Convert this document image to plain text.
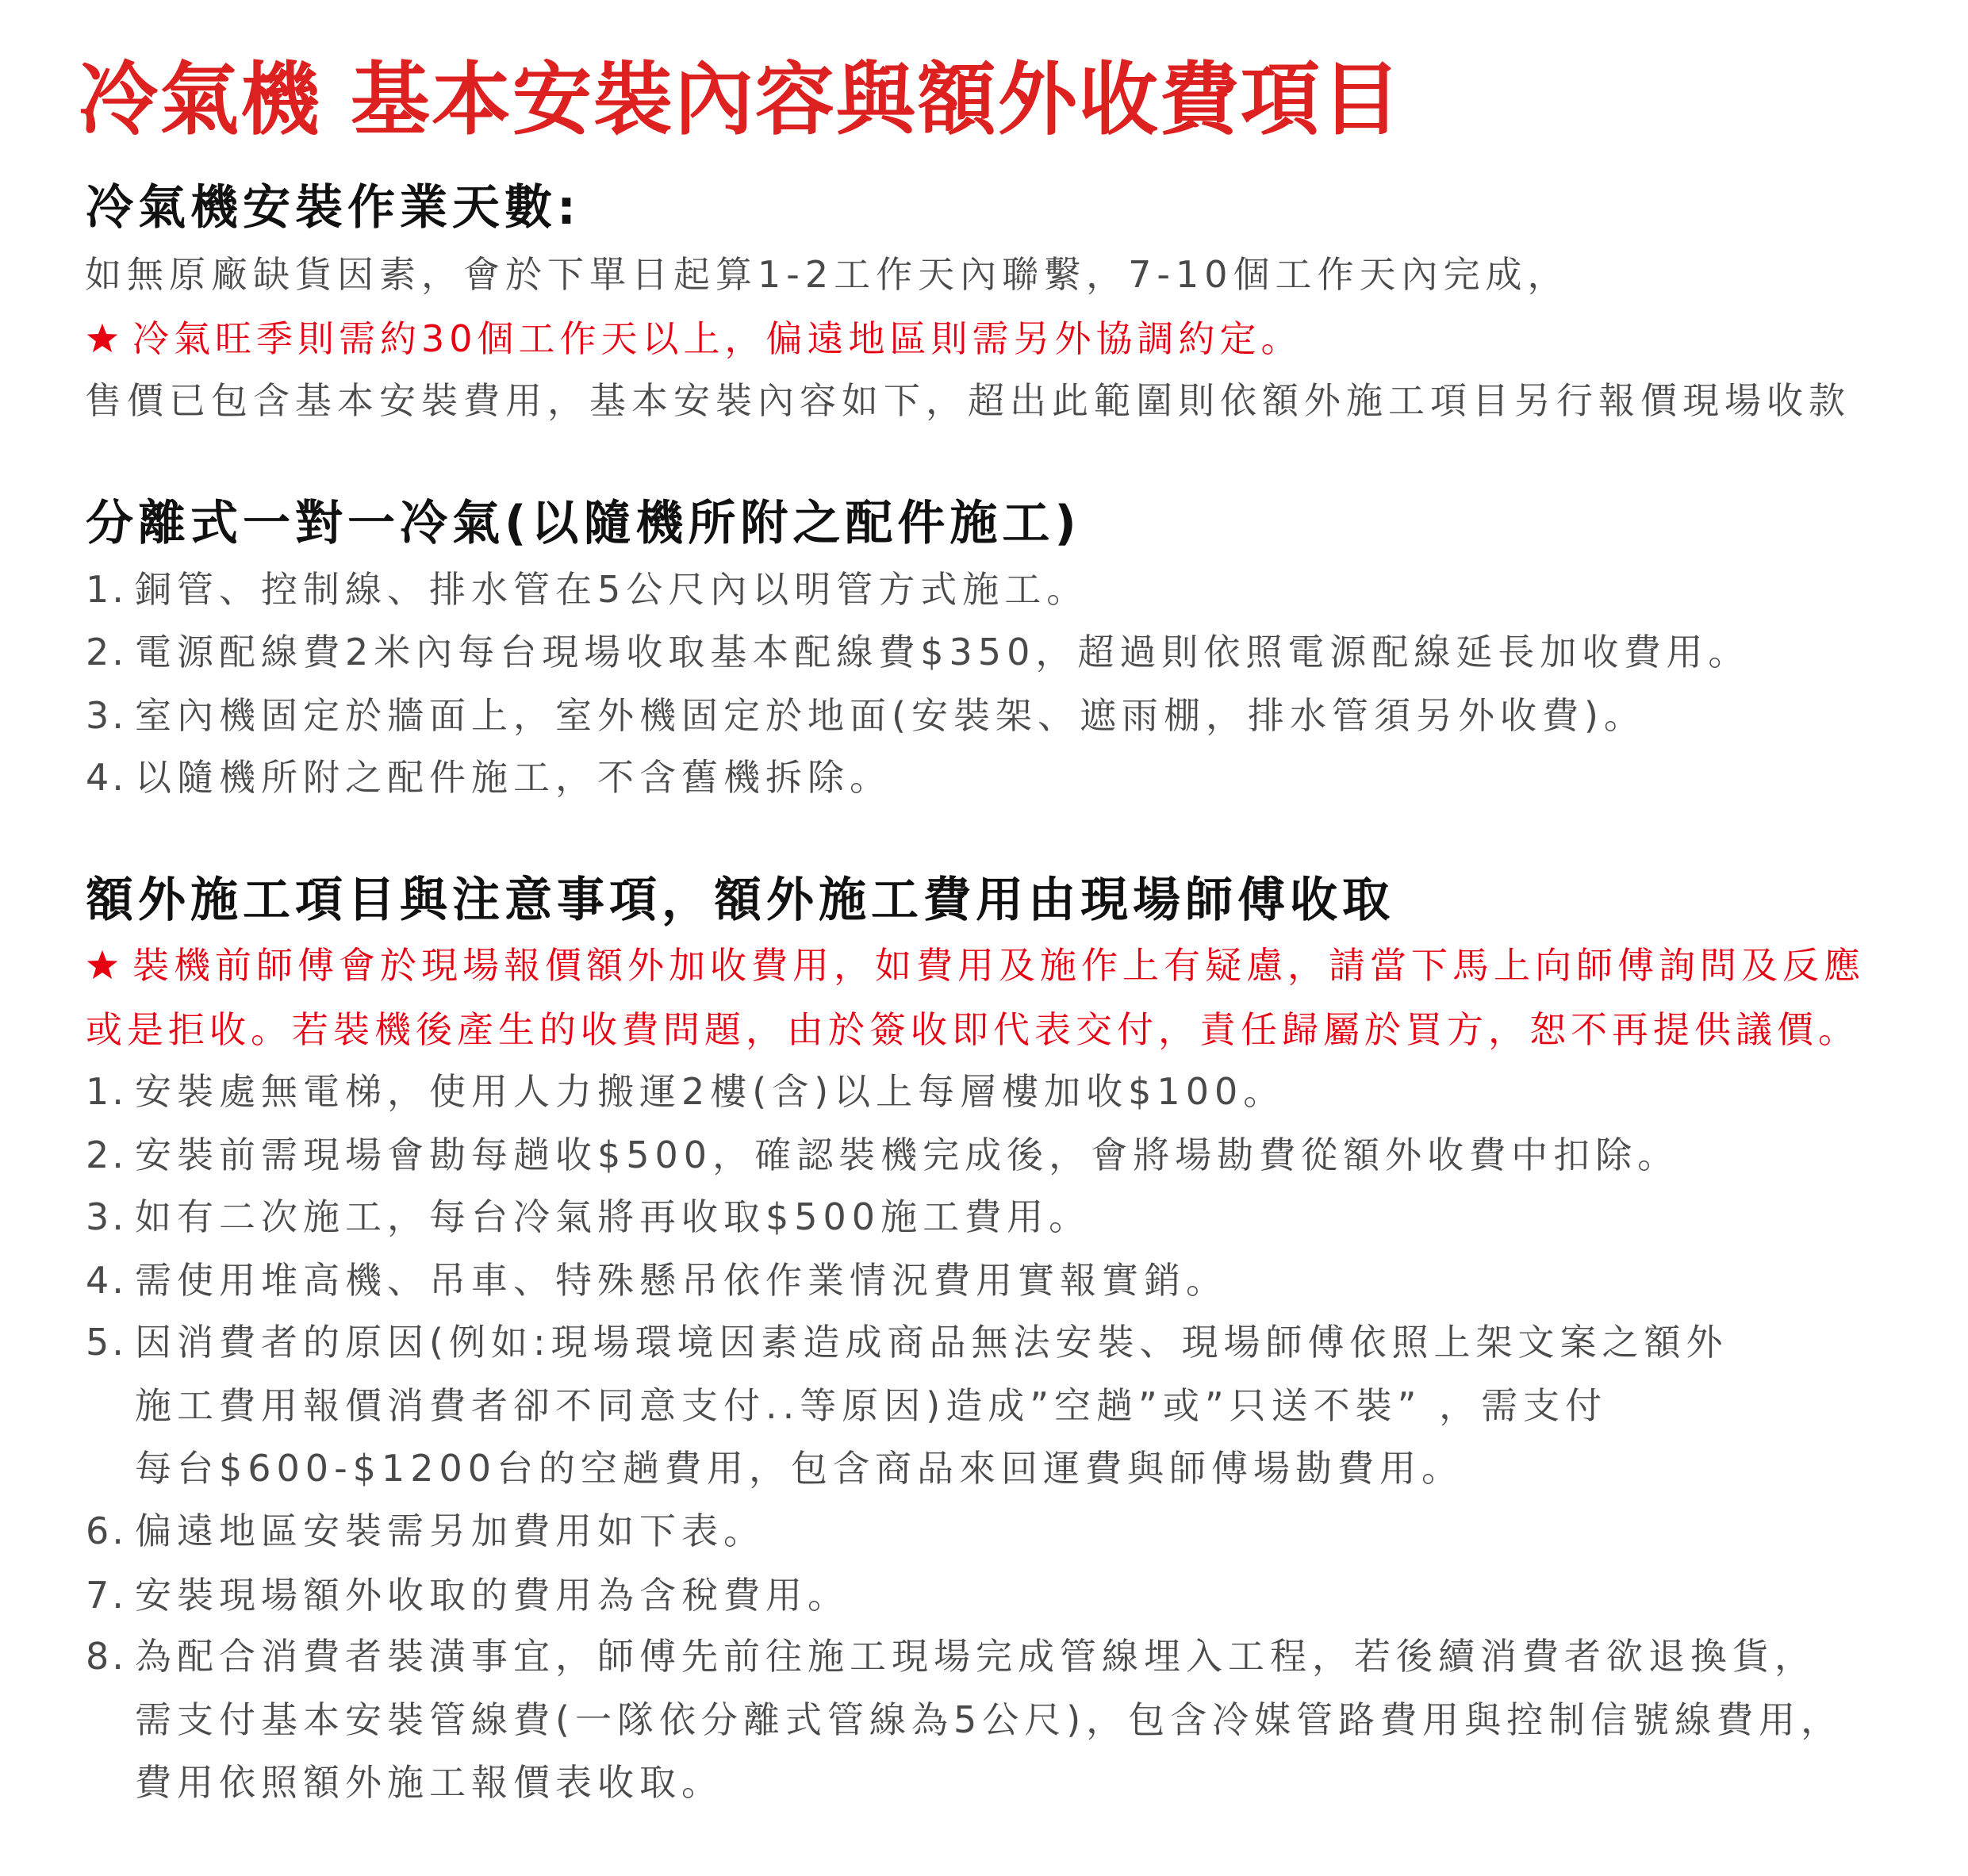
冷氣機 基本安裝內容與額外收費項目
冷氣機安裝作業天數:
如無原廠缺貨因素，會於下單日起算1-2工作天內聯繫，7-10個工作天內完成，
冷氣旺季則需約30個工作天以上，偏遠地區則需另外協調約定。
售價已包含基本安裝費用，基本安裝內容如下，超出此範圍則依額外施工項目另行報價現場收款
分離式一對一冷氣(以隨機所附之配件施工)
1. 銅管、控制線、排水管在5公尺內以明管方式施工。
2. 電源配線費2米內每台現場收取基本配線費$350，超過則依照電源配線延長加收費用。
3. 室內機固定於牆面上，室外機固定於地面(安裝架、遮雨棚，排水管須另外收費)。
4. 以隨機所附之配件施工，不含舊機拆除。
額外施工項目與注意事項，額外施工費用由現場師傅收取
裝機前師傅會於現場報價額外加收費用，如費用及施作上有疑慮，請當下馬上向師傅詢問及反應
或是拒收。若裝機後產生的收費問題，由於簽收即代表交付，責任歸屬於買方，恕不再提供議價。
1. 安裝處無電梯，使用人力搬運2樓(含)以上每層樓加收$100。
2. 安裝前需現場會勘每趟收$500，確認裝機完成後，會將場勘費從額外收費中扣除。
3. 如有二次施工，每台冷氣將再收取$500施工費用。
4. 需使用堆高機、吊車、特殊懸吊依作業情況費用實報實銷。
5. 因消費者的原因(例如:現場環境因素造成商品無法安裝、現場師傅依照上架文案之額外
施工費用報價消費者卻不同意支付..等原因)造成”空趟”或”只送不裝” ，需支付
每台$600-$1200台的空趟費用，包含商品來回運費與師傅場勘費用。
6. 偏遠地區安裝需另加費用如下表。
7. 安裝現場額外收取的費用為含稅費用。
8. 為配合消費者裝潢事宜，師傅先前往施工現場完成管線埋入工程，若後續消費者欲退換貨，
需支付基本安裝管線費(一隊依分離式管線為5公尺)，包含冷媒管路費用與控制信號線費用，
費用依照額外施工報價表收取。
